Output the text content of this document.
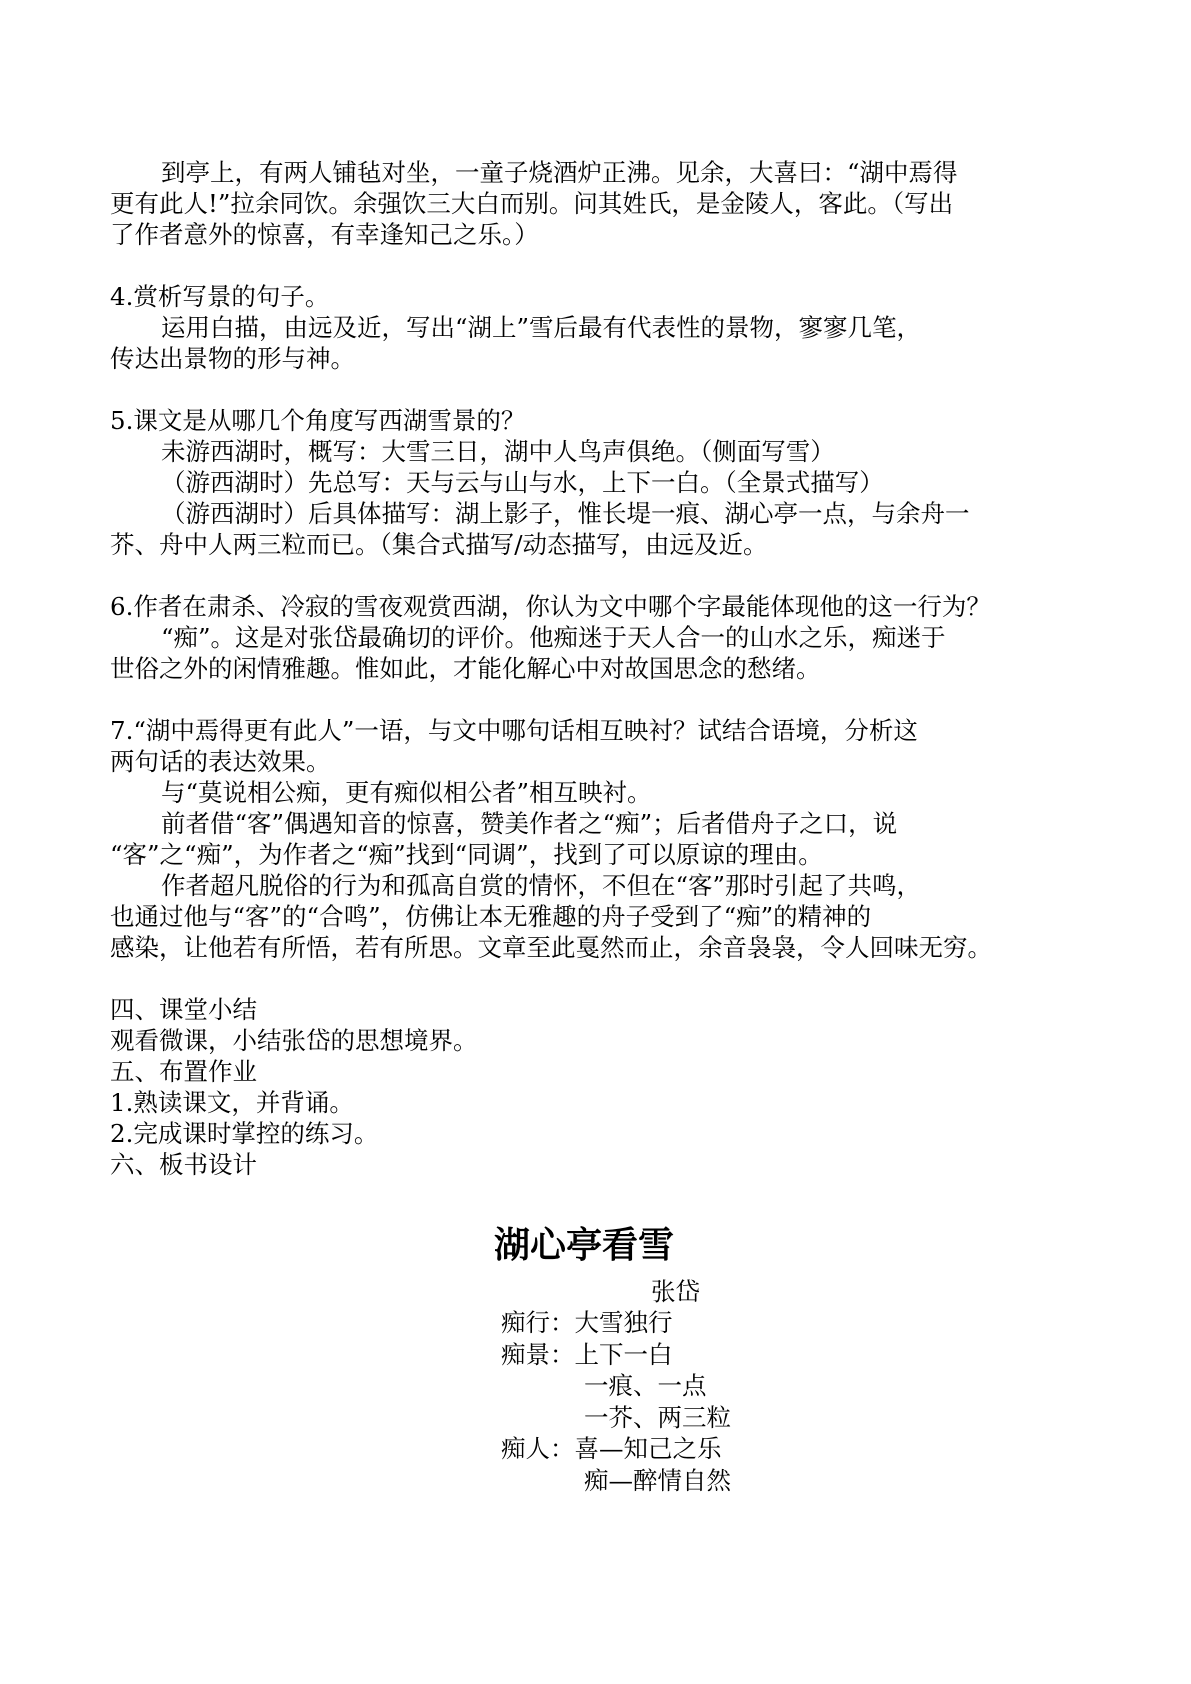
到亭上，有两人铺毡对坐，一童子烧酒炉正沸。见余，大喜曰：“湖中焉得

更有此人!”拉余同饮。余强饮三大白而别。问其姓氏，是金陵人，客此。（写出

了作者意外的惊喜，有幸逢知己之乐。）

4.赏析写景的句子。

运用白描，由远及近，写出“湖上”雪后最有代表性的景物，寥寥几笔，

传达出景物的形与神。

5.课文是从哪几个角度写西湖雪景的？

未游西湖时，概写：大雪三日，湖中人鸟声俱绝。（侧面写雪）

（游西湖时）先总写：天与云与山与水，上下一白。（全景式描写）

（游西湖时）后具体描写：湖上影子，惟长堤一痕、湖心亭一点，与余舟一

芥、舟中人两三粒而已。（集合式描写/动态描写，由远及近。

6.作者在肃杀、冷寂的雪夜观赏西湖，你认为文中哪个字最能体现他的这一行为？

“痴”。这是对张岱最确切的评价。他痴迷于天人合一的山水之乐，痴迷于

世俗之外的闲情雅趣。惟如此，才能化解心中对故国思念的愁绪。

7.“湖中焉得更有此人”一语，与文中哪句话相互映衬？试结合语境，分析这

两句话的表达效果。

与“莫说相公痴，更有痴似相公者”相互映衬。

前者借“客”偶遇知音的惊喜，赞美作者之“痴”；后者借舟子之口，说

“客”之“痴”，为作者之“痴”找到“同调”，找到了可以原谅的理由。

作者超凡脱俗的行为和孤高自赏的情怀，不但在“客”那时引起了共鸣，

也通过他与“客”的“合鸣”，仿佛让本无雅趣的舟子受到了“痴”的精神的

感染，让他若有所悟，若有所思。文章至此戛然而止，余音袅袅，令人回味无穷。

四、课堂小结

观看微课，小结张岱的思想境界。

五、布置作业

1.熟读课文，并背诵。

2.完成课时掌控的练习。

六、板书设计

湖心亭看雪
张岱
痴行：大雪独行
痴景：上下一白
一痕、一点
一芥、两三粒
痴人：喜—知己之乐
痴—醉情自然
